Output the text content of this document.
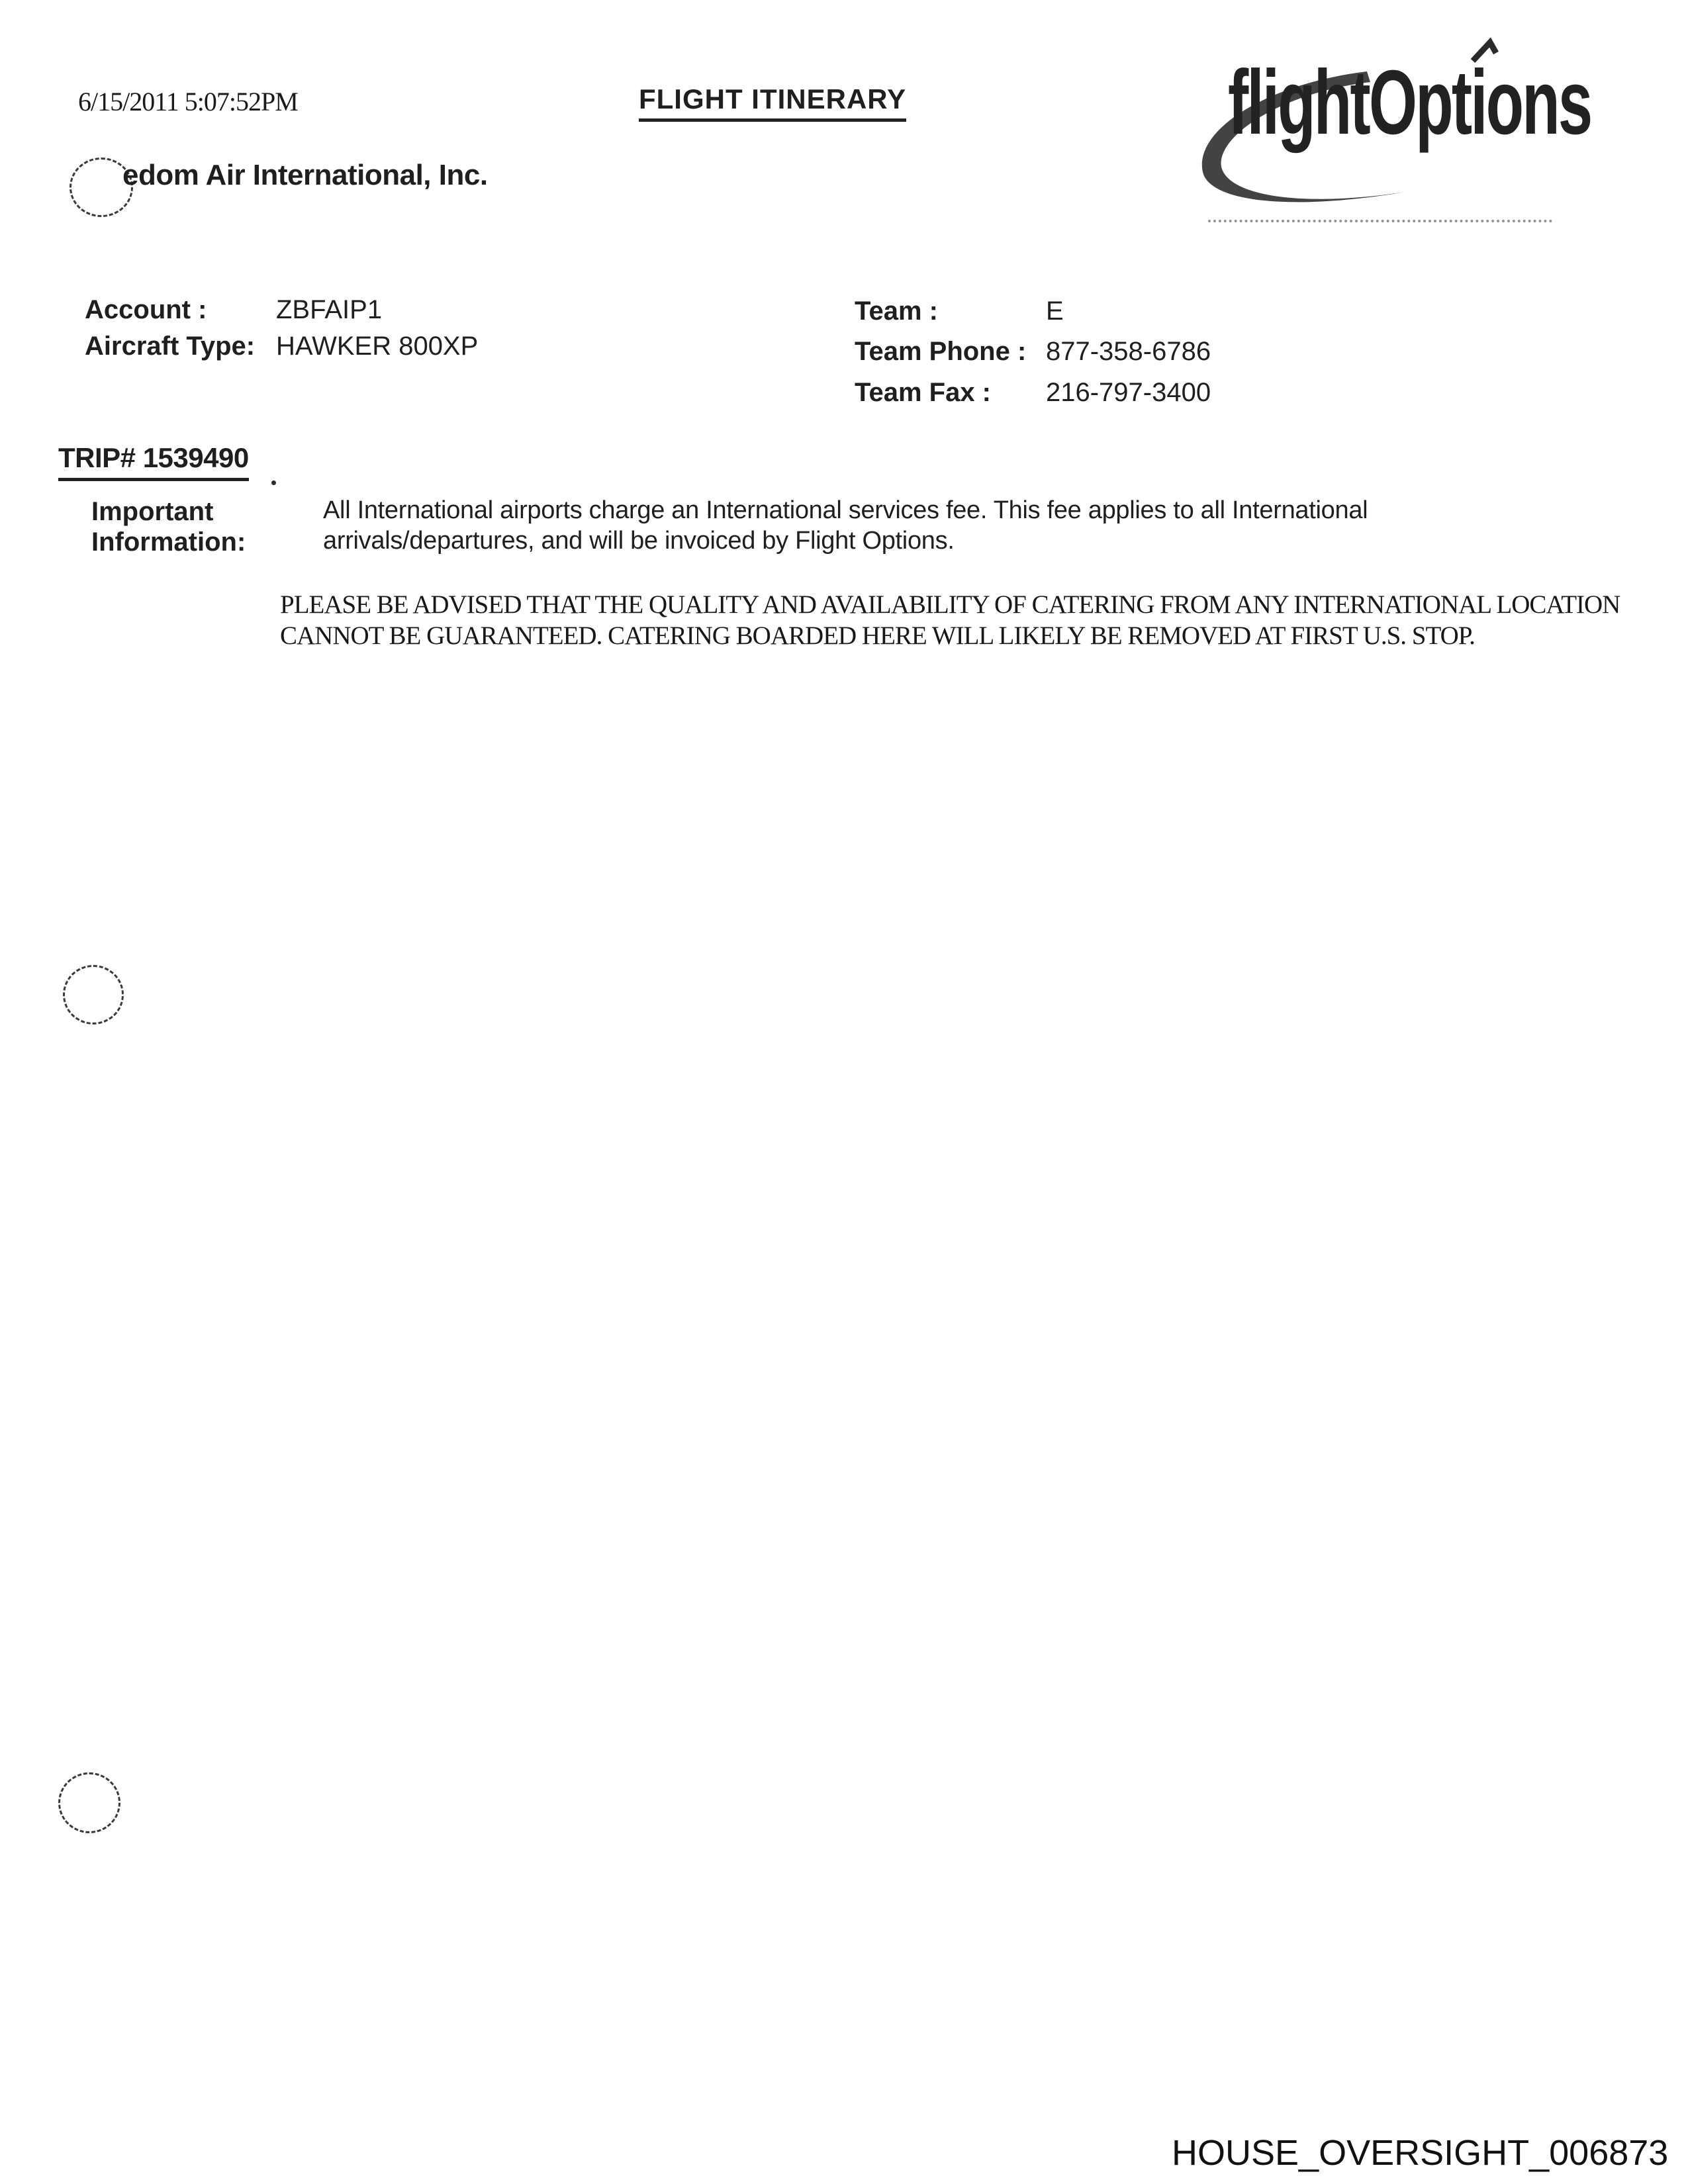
6/15/2011 5:07:52PM	FLIGHT ITINERARY	flightOptions
edom Air International, Inc.
Account :	ZBFAIP1
Aircraft Type: HAWKER 800XP
Team :	E
Team Phone : 877-358-6786
Team Fax : 216-797-3400
TRIP# 1539490
Important
Information:
All International airports charge an International services fee. This fee applies to all International arrivals/departures, and will be invoiced by Flight Options.
PLEASE BE ADVISED THAT THE QUALITY AND AVAILABILITY OF CATERING FROM ANY INTERNATIONAL LOCATION CANNOT BE GUARANTEED. CATERING BOARDED HERE WILL LIKELY BE REMOVED AT FIRST U.S. STOP.
HOUSE_OVERSIGHT_006873
